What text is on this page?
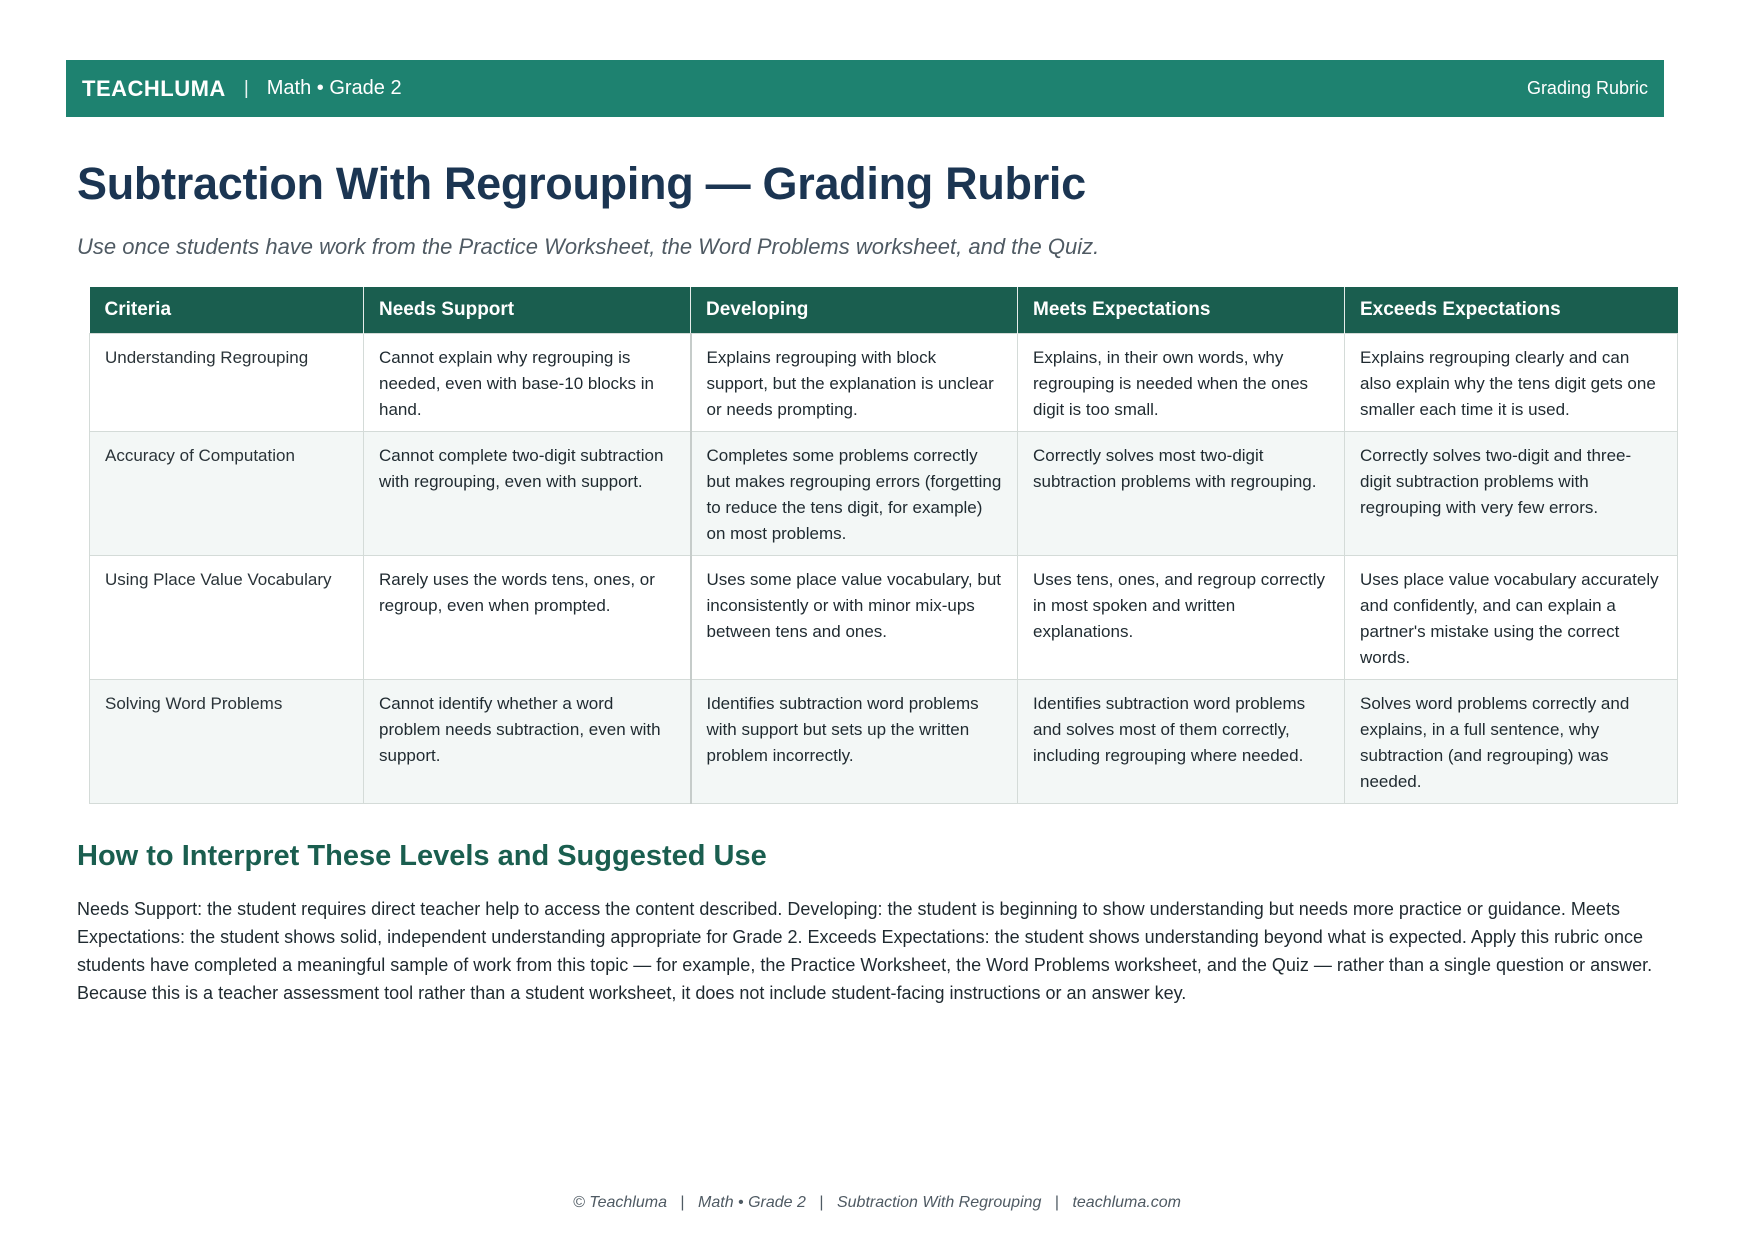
TEACHLUMA | Math • Grade 2	Grading Rubric
Subtraction With Regrouping — Grading Rubric

Use once students have work from the Practice Worksheet, the Word Problems worksheet, and the Quiz.

Criteria	Needs Support	Developing	Meets Expectations	Exceeds Expectations
Understanding Regrouping	Cannot explain why regrouping is needed, even with base-10 blocks in hand.	Explains regrouping with block support, but the explanation is unclear or needs prompting.	Explains, in their own words, why regrouping is needed when the ones digit is too small.	Explains regrouping clearly and can also explain why the tens digit gets one smaller each time it is used.
Accuracy of Computation	Cannot complete two-digit subtraction with regrouping, even with support.	Completes some problems correctly but makes regrouping errors (forgetting to reduce the tens digit, for example) on most problems.	Correctly solves most two-digit subtraction problems with regrouping.	Correctly solves two-digit and three-digit subtraction problems with regrouping with very few errors.
Using Place Value Vocabulary	Rarely uses the words tens, ones, or regroup, even when prompted.	Uses some place value vocabulary, but inconsistently or with minor mix-ups between tens and ones.	Uses tens, ones, and regroup correctly in most spoken and written explanations.	Uses place value vocabulary accurately and confidently, and can explain a partner's mistake using the correct words.
Solving Word Problems	Cannot identify whether a word problem needs subtraction, even with support.	Identifies subtraction word problems with support but sets up the written problem incorrectly.	Identifies subtraction word problems and solves most of them correctly, including regrouping where needed.	Solves word problems correctly and explains, in a full sentence, why subtraction (and regrouping) was needed.
How to Interpret These Levels and Suggested Use

Needs Support: the student requires direct teacher help to access the content described. Developing: the student is beginning to show understanding but needs more practice or guidance. Meets Expectations: the student shows solid, independent understanding appropriate for Grade 2. Exceeds Expectations: the student shows understanding beyond what is expected. Apply this rubric once students have completed a meaningful sample of work from this topic — for example, the Practice Worksheet, the Word Problems worksheet, and the Quiz — rather than a single question or answer. Because this is a teacher assessment tool rather than a student worksheet, it does not include student-facing instructions or an answer key.

© Teachluma | Math • Grade 2 | Subtraction With Regrouping | teachluma.com
